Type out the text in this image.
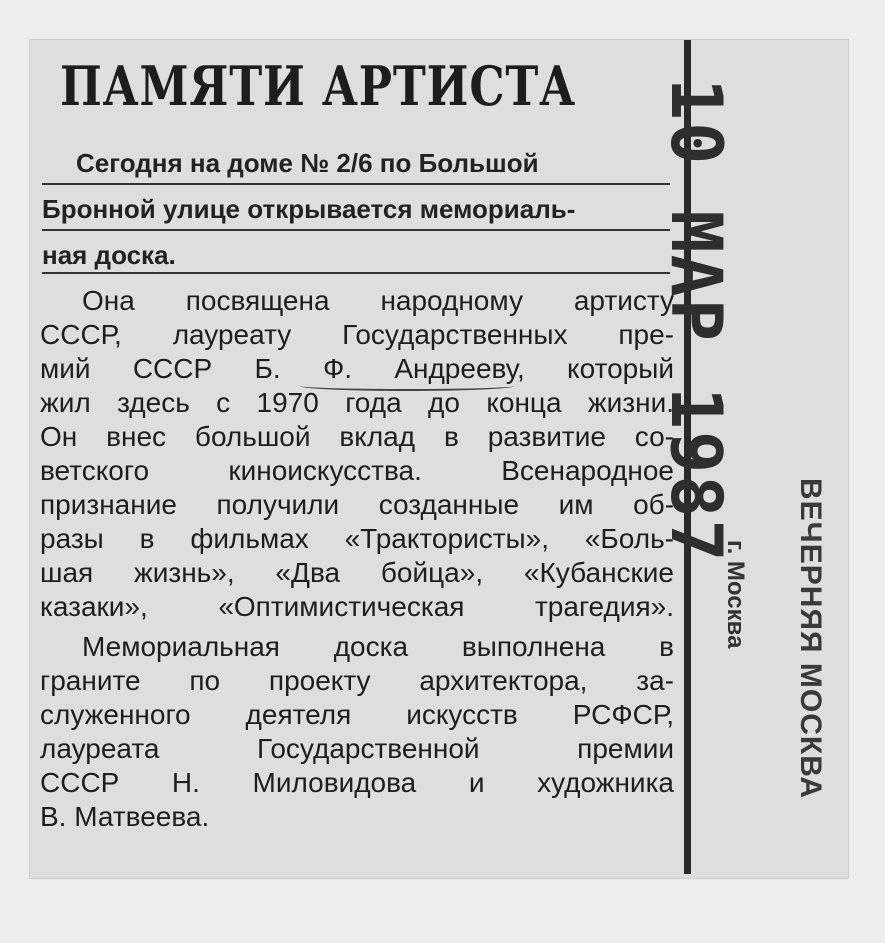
ПАМЯТИ АРТИСТА
Сегодня на доме № 2/6 по Большой
Бронной улице открывается мемориаль-
ная доска.
Она посвящена народному артисту
СССР, лауреату Государственных пре-
мий СССР Б. Ф. Андрееву, который
жил здесь с 1970 года до конца жизни.
Он внес большой вклад в развитие со-
ветского киноискусства. Всенародное
признание получили созданные им об-
разы в фильмах «Трактористы», «Боль-
шая жизнь», «Два бойца», «Кубанские
казаки», «Оптимистическая трагедия».
Мемориальная доска выполнена в
граните по проекту архитектора, за-
служенного деятеля искусств РСФСР,
лауреата Государственной премии
СССР Н. Миловидова и художника
В. Матвеева.
10 МАР 1987
г. Москва ВЕЧЕРНЯЯ МОСКВА
